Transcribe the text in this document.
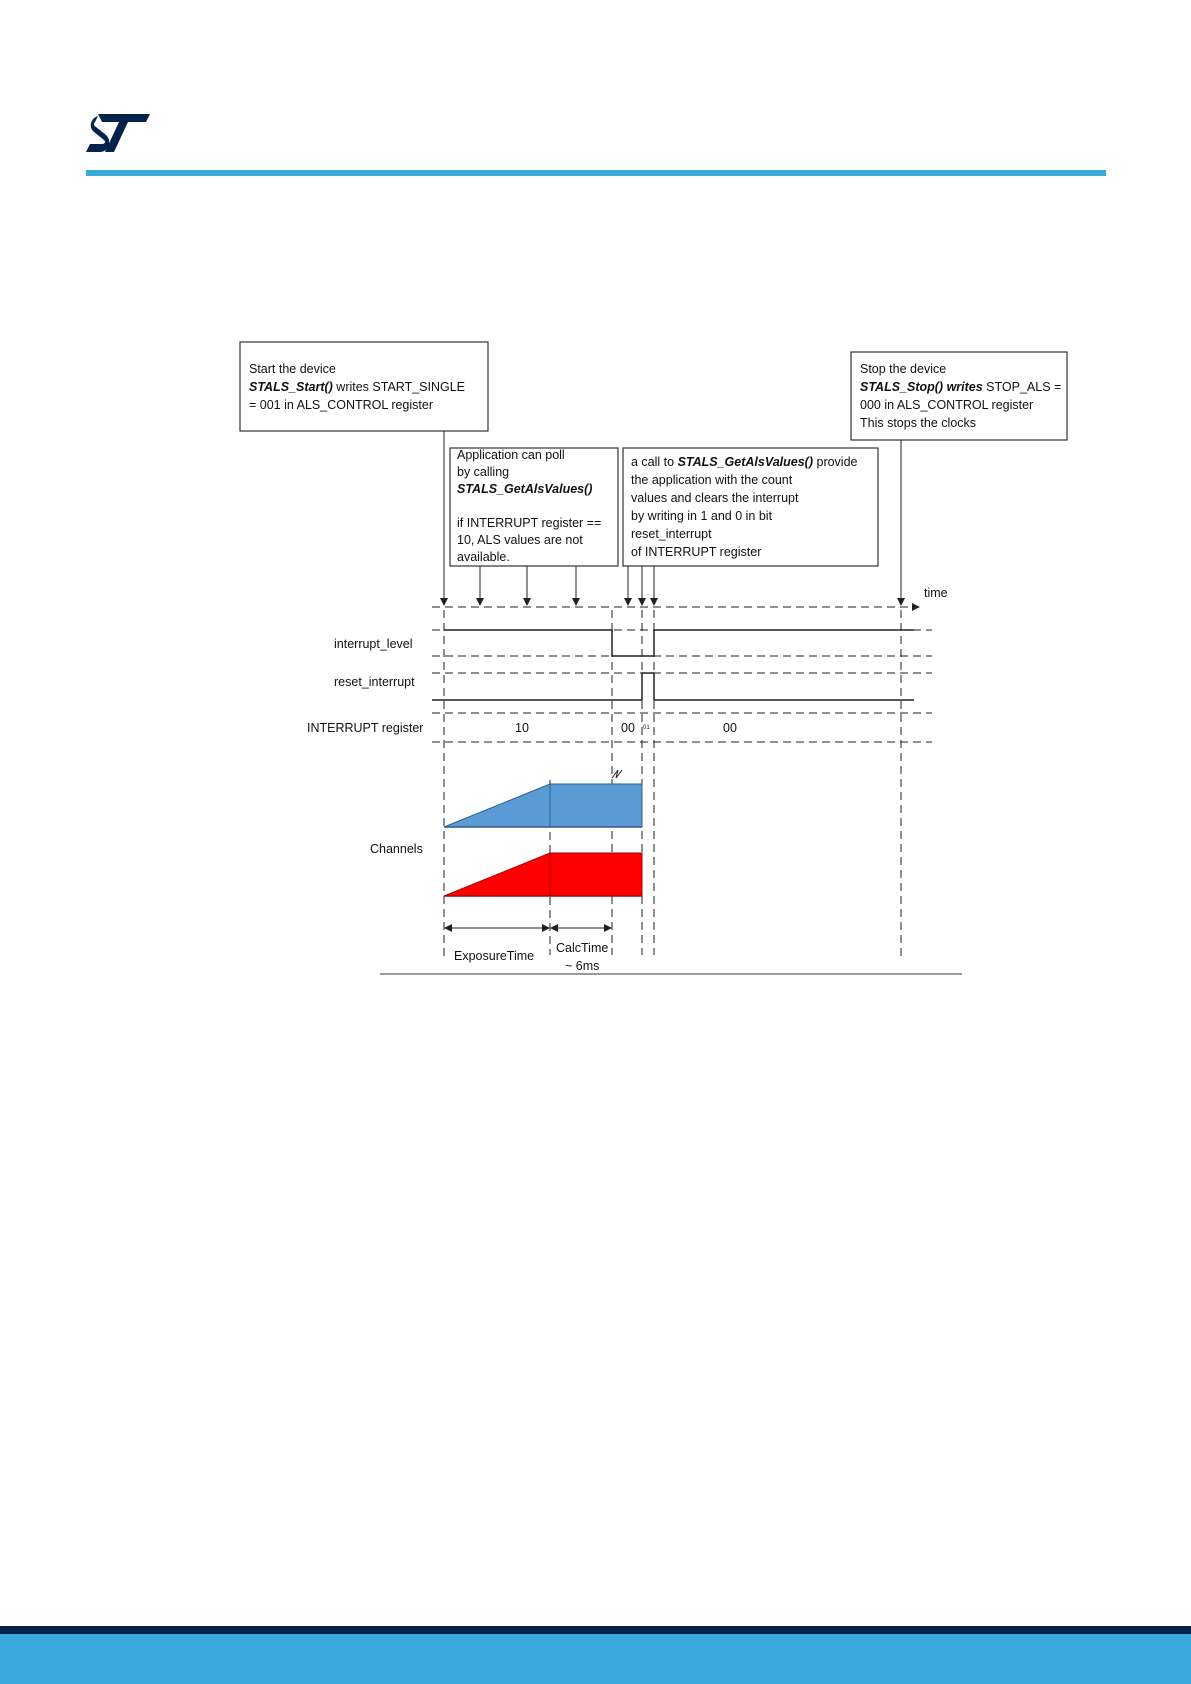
Start the device
STALS_Start() writes START_SINGLE
= 001 in ALS_CONTROL register
Application can poll
by calling
STALS_GetAlsValues()
if INTERRUPT register ==
10, ALS values are not
available.
a call to STALS_GetAlsValues() provide
the application with the count
values and clears the interrupt
by writing in 1 and 0 in bit
reset_interrupt
of INTERRUPT register
Stop the device
STALS_Stop() writes STOP_ALS =
000 in ALS_CONTROL register
This stops the clocks
time
interrupt_level
reset_interrupt
INTERRUPT register
Channels
10	00 01	00
ExposureTime
CalcTime
~ 6ms
